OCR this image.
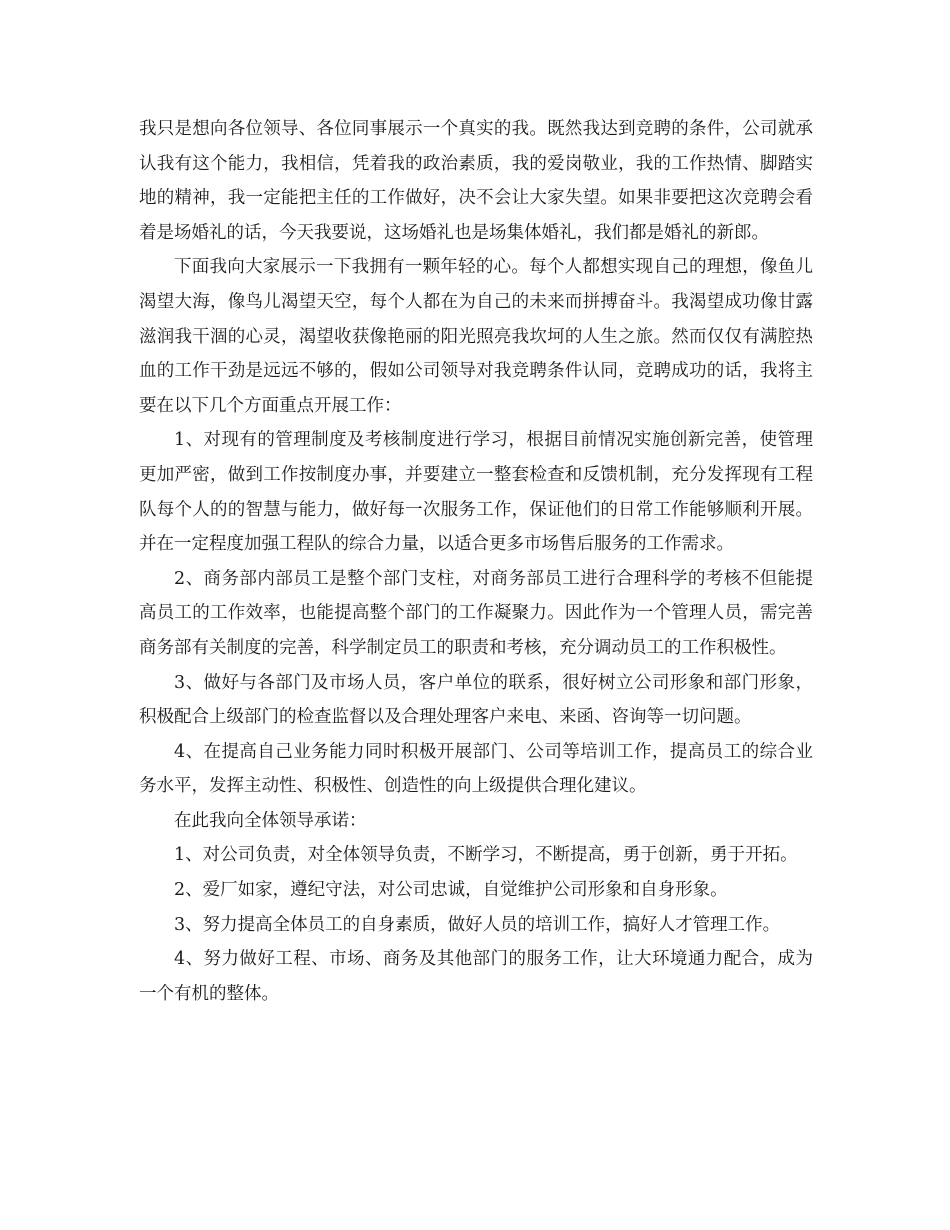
我只是想向各位领导、各位同事展示一个真实的我。既然我达到竞聘的条件，公司就承认我有这个能力，我相信，凭着我的政治素质，我的爱岗敬业，我的工作热情、脚踏实地的精神，我一定能把主任的工作做好，决不会让大家失望。如果非要把这次竞聘会看着是场婚礼的话，今天我要说，这场婚礼也是场集体婚礼，我们都是婚礼的新郎。

下面我向大家展示一下我拥有一颗年轻的心。每个人都想实现自己的理想，像鱼儿渴望大海，像鸟儿渴望天空，每个人都在为自己的未来而拼搏奋斗。我渴望成功像甘露滋润我干涸的心灵，渴望收获像艳丽的阳光照亮我坎坷的人生之旅。然而仅仅有满腔热血的工作干劲是远远不够的，假如公司领导对我竞聘条件认同，竞聘成功的话，我将主要在以下几个方面重点开展工作：

1、对现有的管理制度及考核制度进行学习，根据目前情况实施创新完善，使管理更加严密，做到工作按制度办事，并要建立一整套检查和反馈机制，充分发挥现有工程队每个人的的智慧与能力，做好每一次服务工作，保证他们的日常工作能够顺利开展。并在一定程度加强工程队的综合力量，以适合更多市场售后服务的工作需求。

2、商务部内部员工是整个部门支柱，对商务部员工进行合理科学的考核不但能提高员工的工作效率，也能提高整个部门的工作凝聚力。因此作为一个管理人员，需完善商务部有关制度的完善，科学制定员工的职责和考核，充分调动员工的工作积极性。

3、做好与各部门及市场人员，客户单位的联系，很好树立公司形象和部门形象，积极配合上级部门的检查监督以及合理处理客户来电、来函、咨询等一切问题。

4、在提高自己业务能力同时积极开展部门、公司等培训工作，提高员工的综合业务水平，发挥主动性、积极性、创造性的向上级提供合理化建议。

在此我向全体领导承诺：

1、对公司负责，对全体领导负责，不断学习，不断提高，勇于创新，勇于开拓。

2、爱厂如家，遵纪守法，对公司忠诚，自觉维护公司形象和自身形象。

3、努力提高全体员工的自身素质，做好人员的培训工作，搞好人才管理工作。

4、努力做好工程、市场、商务及其他部门的服务工作，让大环境通力配合，成为一个有机的整体。
